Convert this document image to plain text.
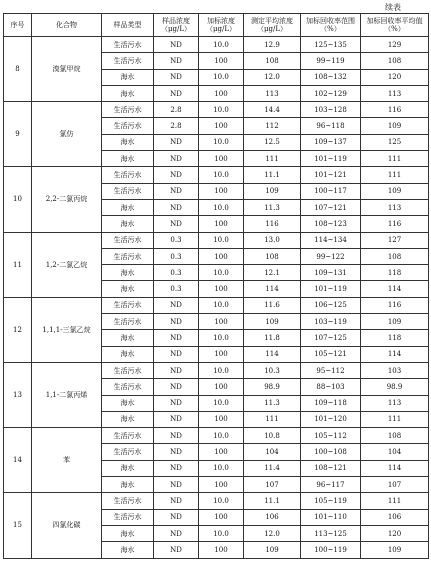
续表
序号	化合物	样品类型	样品浓度（μg/L）	加标浓度（μg/L）	测定平均浓度（μg/L）	加标回收率范围（%）	加标回收率平均值（%）
8	溴氯甲烷	生活污水	ND	10.0	12.9	125~135	129
		生活污水	ND	100	108	99~119	108
		海水	ND	10.0	12.0	108~132	120
		海水	ND	100	113	102~129	113
9	氯仿	生活污水	2.8	10.0	14.4	103~128	116
		生活污水	2.8	100	112	96~118	109
		海水	ND	10.0	12.5	109~137	125
		海水	ND	100	111	101~119	111
10	2,2-二氯丙烷	生活污水	ND	10.0	11.1	101~121	111
		生活污水	ND	100	109	100~117	109
		海水	ND	10.0	11.3	107~121	113
		海水	ND	100	116	108~123	116
11	1,2-二氯乙烷	生活污水	0.3	10.0	13.0	114~134	127
		生活污水	0.3	100	108	99~122	108
		海水	0.3	10.0	12.1	109~131	118
		海水	0.3	100	114	101~119	114
12	1,1,1-三氯乙烷	生活污水	ND	10.0	11.6	106~125	116
		生活污水	ND	100	109	103~119	109
		海水	ND	10.0	11.8	107~125	118
		海水	ND	100	114	105~121	114
13	1,1-二氯丙烯	生活污水	ND	10.0	10.3	95~112	103
		生活污水	ND	100	98.9	88~103	98.9
		海水	ND	10.0	11.3	109~118	113
		海水	ND	100	111	101~120	111
14	苯	生活污水	ND	10.0	10.8	105~112	108
		生活污水	ND	100	104	100~108	104
		海水	ND	10.0	11.4	108~121	114
		海水	ND	100	107	96~117	107
15	四氯化碳	生活污水	ND	10.0	11.1	105~119	111
		生活污水	ND	100	106	101~110	106
		海水	ND	10.0	12.0	113~125	120
		海水	ND	100	109	100~119	109
